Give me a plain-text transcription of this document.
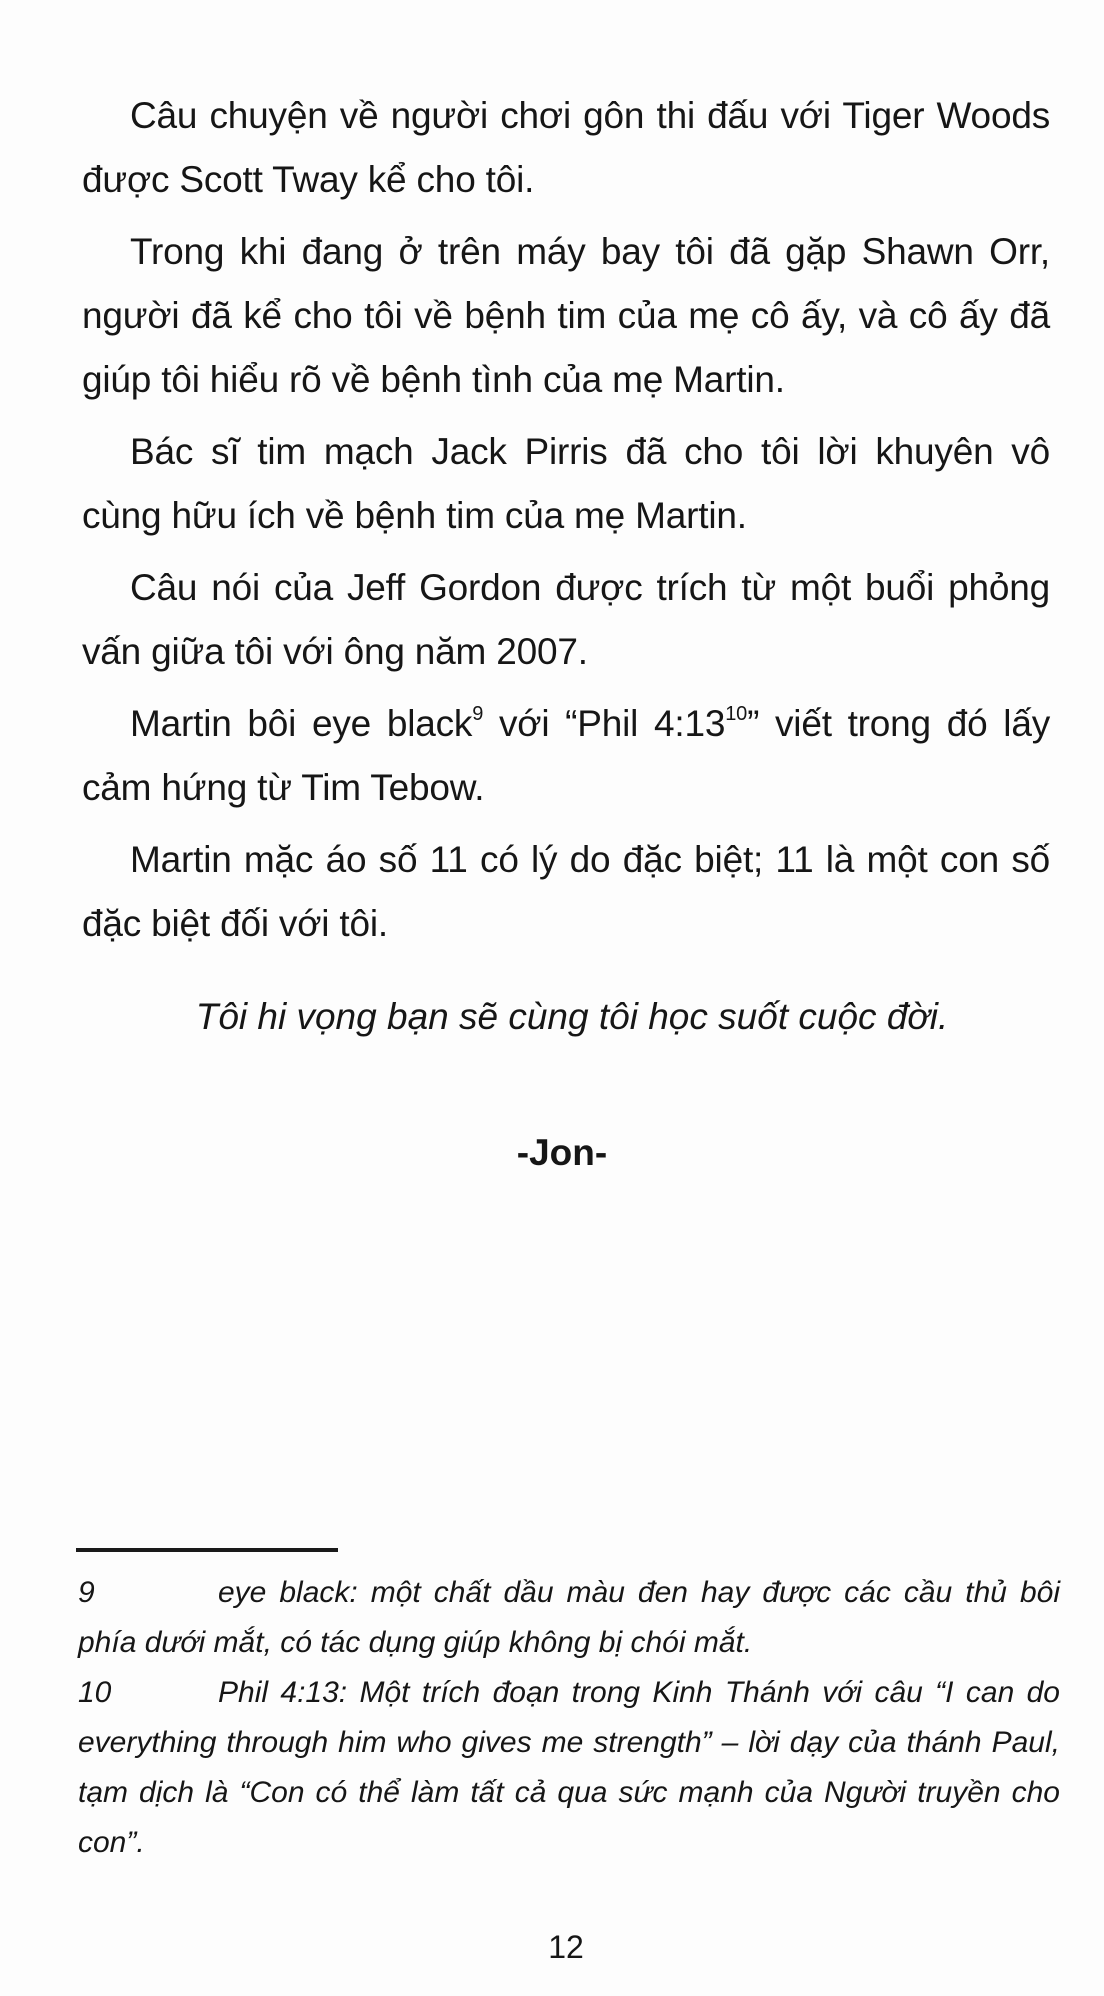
Câu chuyện về người chơi gôn thi đấu với Tiger Woods được Scott Tway kể cho tôi.

Trong khi đang ở trên máy bay tôi đã gặp Shawn Orr, người đã kể cho tôi về bệnh tim của mẹ cô ấy, và cô ấy đã giúp tôi hiểu rõ về bệnh tình của mẹ Martin.

Bác sĩ tim mạch Jack Pirris đã cho tôi lời khuyên vô cùng hữu ích về bệnh tim của mẹ Martin.

Câu nói của Jeff Gordon được trích từ một buổi phỏng vấn giữa tôi với ông năm 2007.

Martin bôi eye black$^9$ với “Phil $4:13^{10}$” viết trong đó lấy cảm hứng từ Tim Tebow.

Martin mặc áo số 11 có lý do đặc biệt; 11 là một con số đặc biệt đối với tôi.

Tôi hi vọng bạn sẽ cùng tôi học suốt cuộc đời.
-Jon-

9	eye black: một chất dầu màu đen hay được các cầu thủ bôi phía dưới mắt, có tác dụng giúp không bị chói mắt.

10	Phil 4:13: Một trích đoạn trong Kinh Thánh với câu “I can do everything through him who gives me strength” – lời dạy của thánh Paul, tạm dịch là “Con có thể làm tất cả qua sức mạnh của Người truyền cho con”.

12
